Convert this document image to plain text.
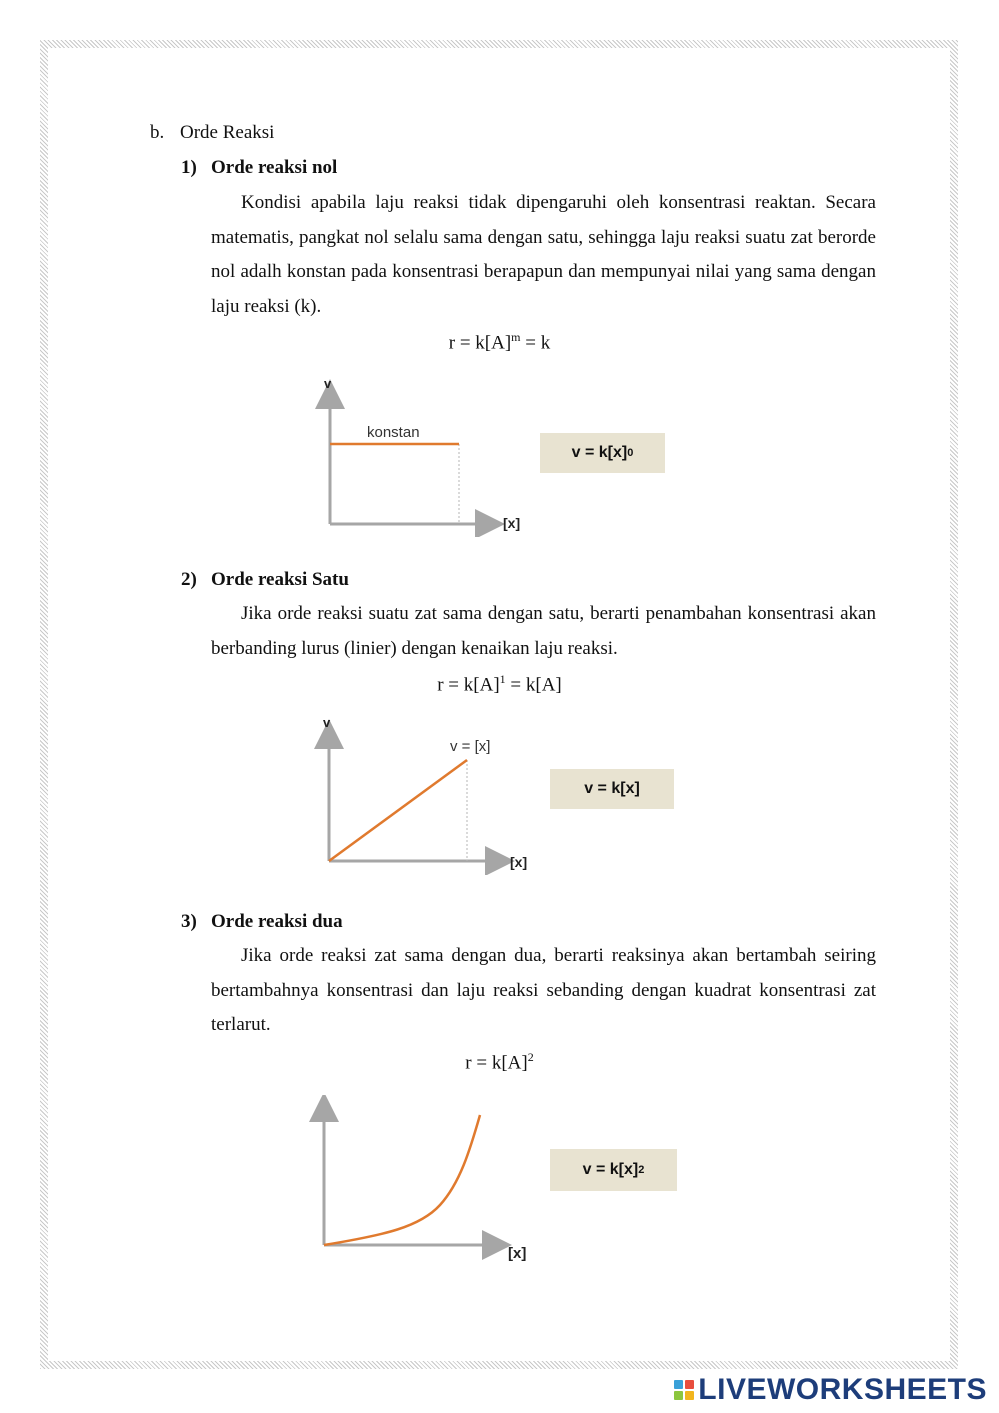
b. Orde Reaksi
1) Orde reaksi nol

Kondisi apabila laju reaksi tidak dipengaruhi oleh konsentrasi reaktan. Secara matematis, pangkat nol selalu sama dengan satu, sehingga laju reaksi suatu zat berorde nol adalh konstan pada konsentrasi berapapun dan mempunyai nilai yang sama dengan laju reaksi (k).

$r = k[A]^m = k$
v
[x]
konstan
v = k[x] 0
2) Orde reaksi Satu

Jika orde reaksi suatu zat sama dengan satu, berarti penambahan konsentrasi akan berbanding lurus (linier) dengan kenaikan laju reaksi.

$r = k[A]^1 = k[A]$
v
[x]
v = [x]
v = k[x]
3) Orde reaksi dua

Jika orde reaksi zat sama dengan dua, berarti reaksinya akan bertambah seiring bertambahnya konsentrasi dan laju reaksi sebanding dengan kuadrat konsentrasi zat terlarut.

$r = k[A]^2$
[x]
v = k[x] 2
LIVEWORKSHEETS
